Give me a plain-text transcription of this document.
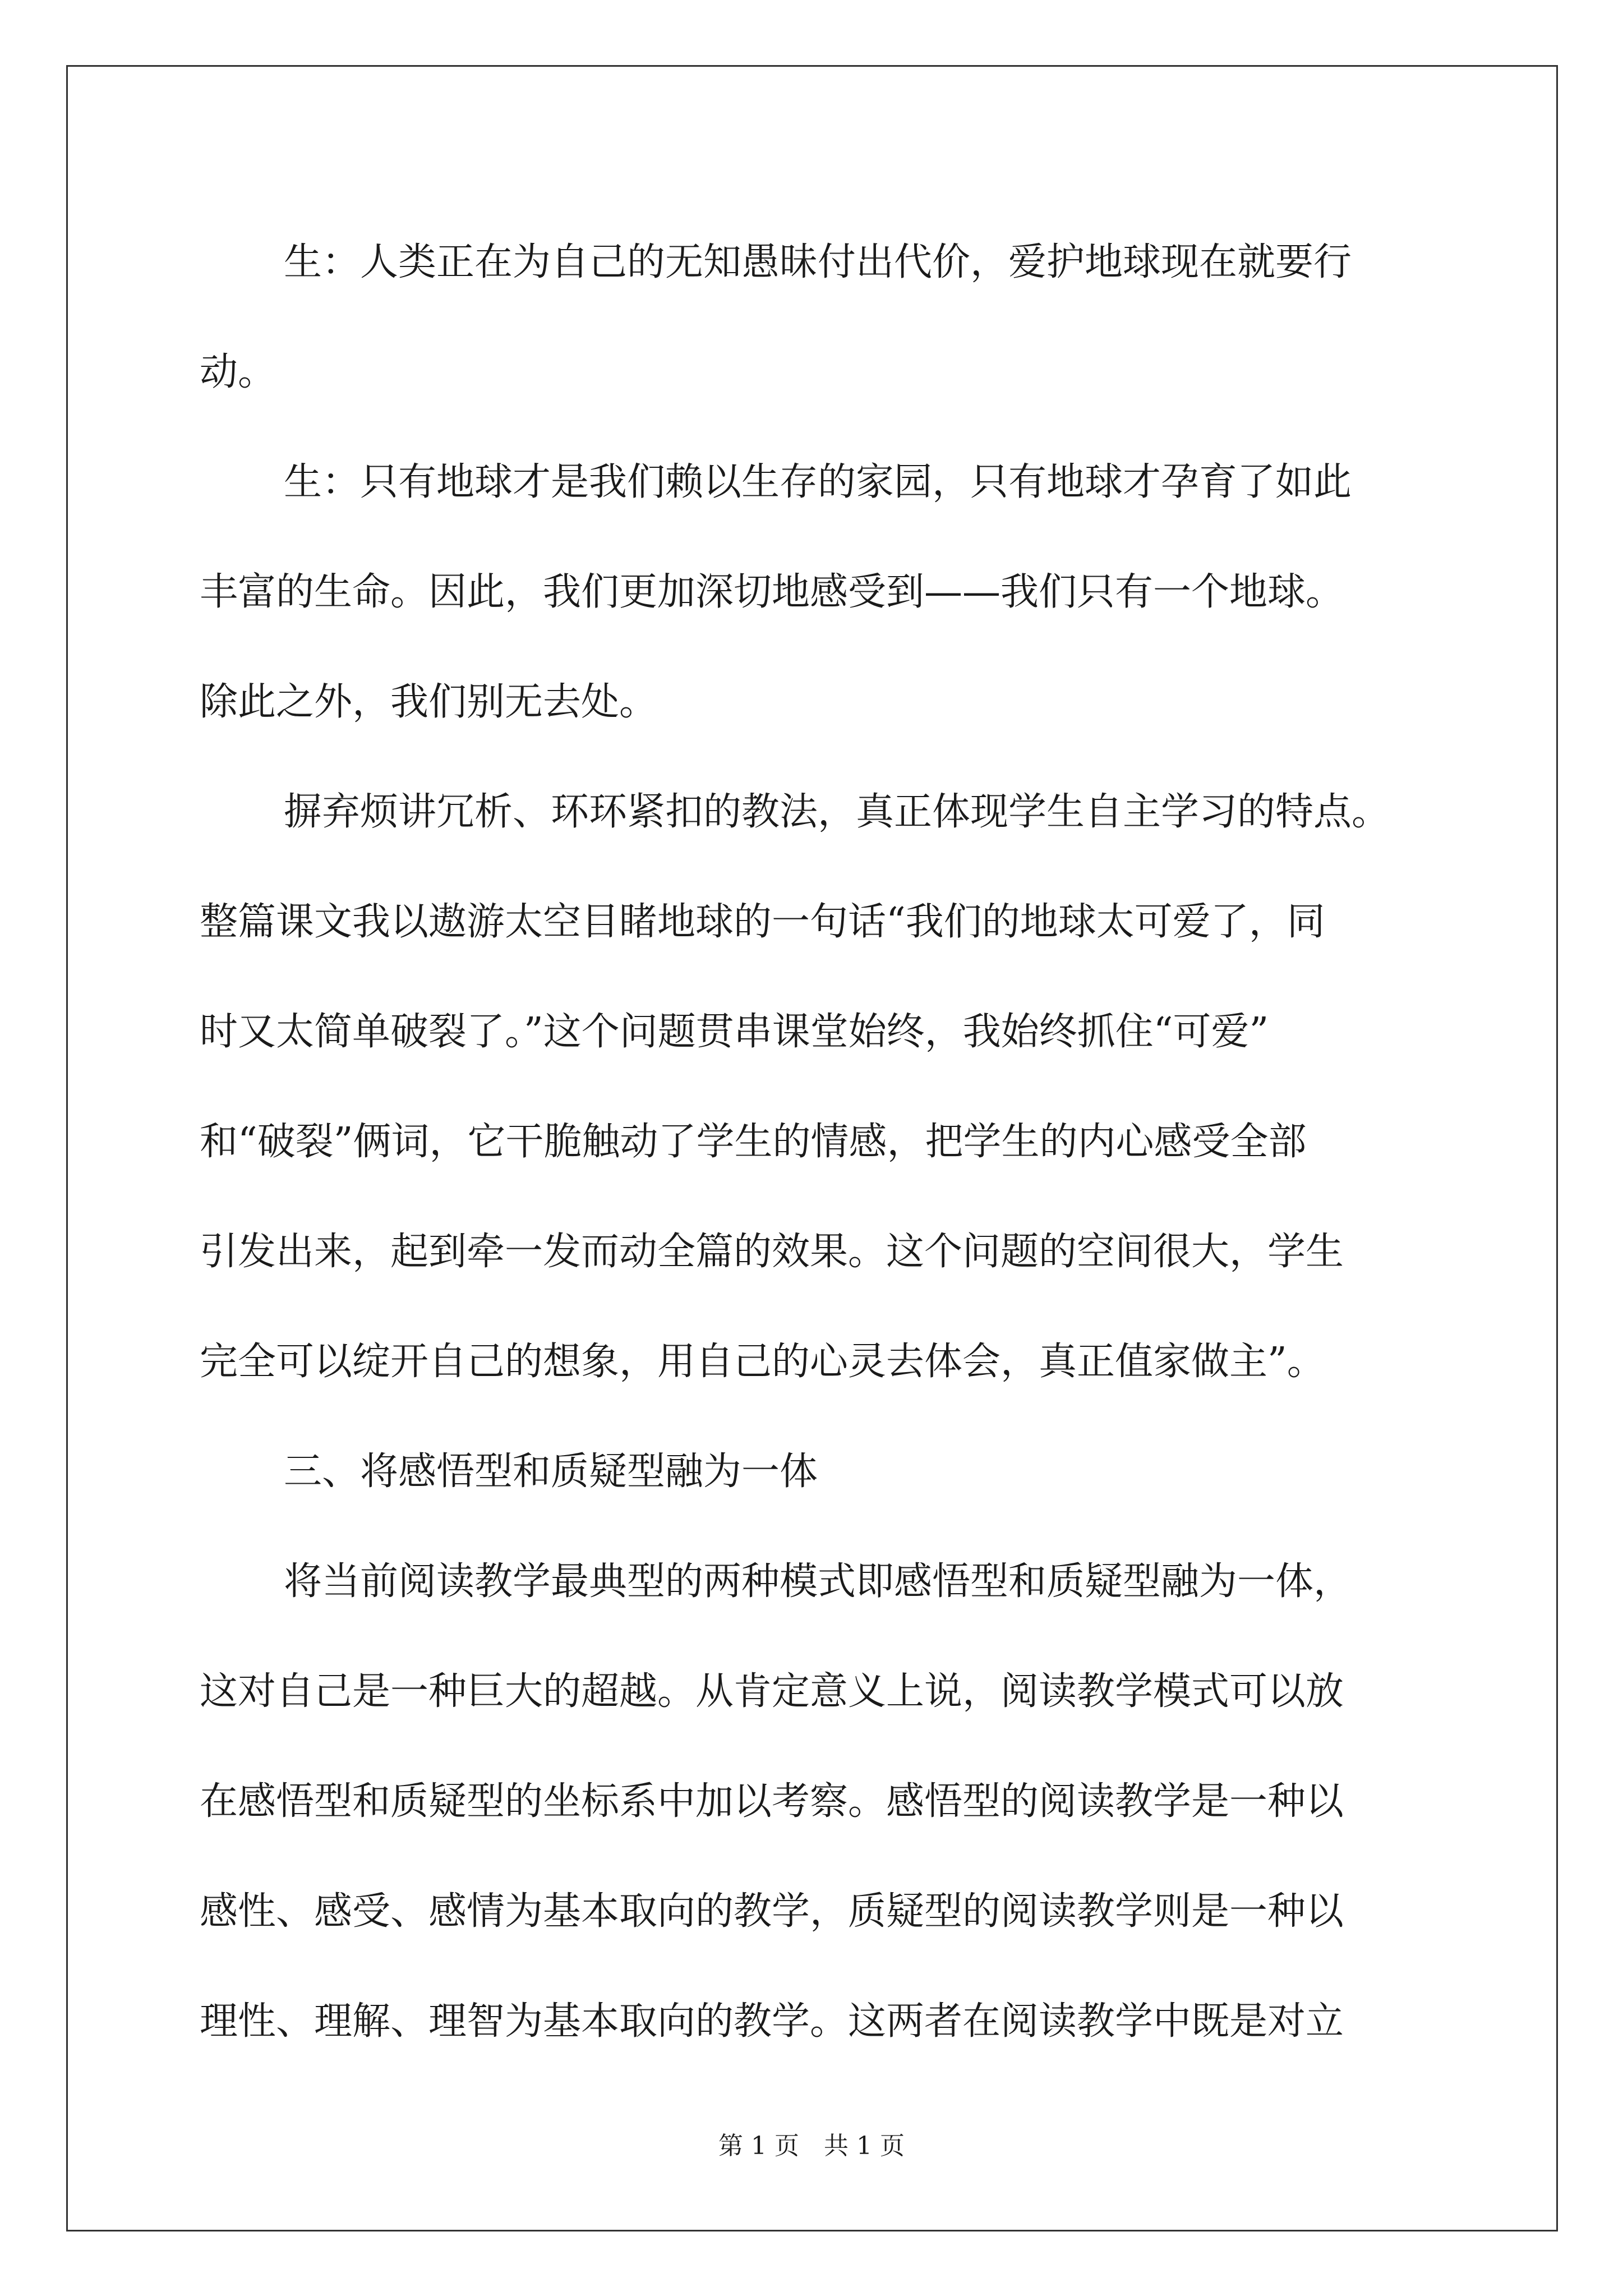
生：人类正在为自己的无知愚昧付出代价，爱护地球现在就要行
动。
生：只有地球才是我们赖以生存的家园，只有地球才孕育了如此
丰富的生命。因此，我们更加深切地感受到——我们只有一个地球。
除此之外，我们别无去处。
摒弃烦讲冗析、环环紧扣的教法，真正体现学生自主学习的特点。
整篇课文我以遨游太空目睹地球的一句话“我们的地球太可爱了，同
时又太简单破裂了。”这个问题贯串课堂始终，我始终抓住“可爱”
和“破裂”俩词，它干脆触动了学生的情感，把学生的内心感受全部
引发出来，起到牵一发而动全篇的效果。这个问题的空间很大，学生
完全可以绽开自己的想象，用自己的心灵去体会，真正值家做主”。
三、将感悟型和质疑型融为一体
将当前阅读教学最典型的两种模式即感悟型和质疑型融为一体，
这对自己是一种巨大的超越。从肯定意义上说，阅读教学模式可以放
在感悟型和质疑型的坐标系中加以考察。感悟型的阅读教学是一种以
感性、感受、感情为基本取向的教学，质疑型的阅读教学则是一种以
理性、理解、理智为基本取向的教学。这两者在阅读教学中既是对立
第 1 页　共 1 页
